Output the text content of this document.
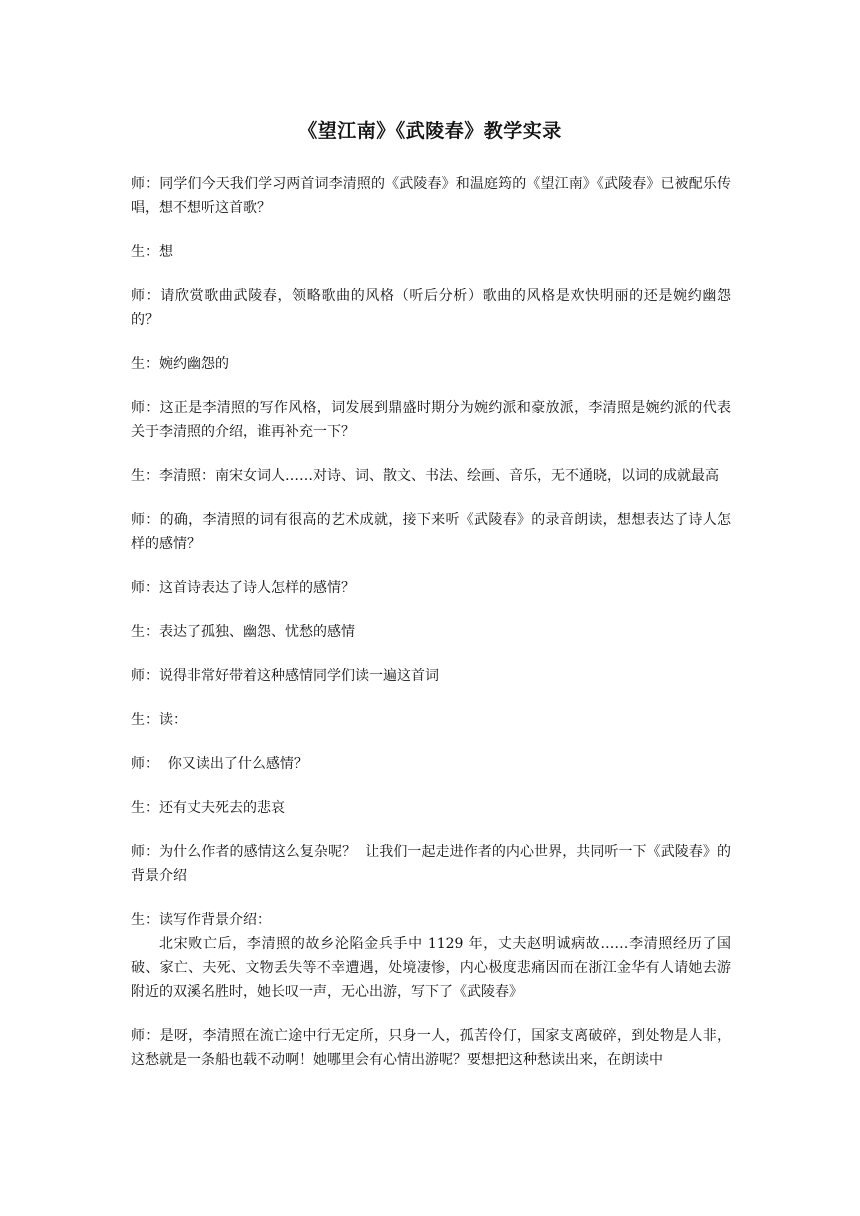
《望江南》《武陵春》教学实录

师：同学们今天我们学习两首词李清照的《武陵春》和温庭筠的《望江南》《武陵春》已被配乐传唱，想不想听这首歌？

生：想

师：请欣赏歌曲武陵春，领略歌曲的风格（听后分析）歌曲的风格是欢快明丽的还是婉约幽怨的？

生：婉约幽怨的

师：这正是李清照的写作风格，词发展到鼎盛时期分为婉约派和豪放派，李清照是婉约派的代表关于李清照的介绍，谁再补充一下？

生：李清照：南宋女词人……对诗、词、散文、书法、绘画、音乐，无不通晓，以词的成就最高

师：的确，李清照的词有很高的艺术成就，接下来听《武陵春》的录音朗读，想想表达了诗人怎样的感情？

师：这首诗表达了诗人怎样的感情？

生：表达了孤独、幽怨、忧愁的感情

师：说得非常好带着这种感情同学们读一遍这首词

生：读：

师：  你又读出了什么感情？

生：还有丈夫死去的悲哀

师：为什么作者的感情这么复杂呢？  让我们一起走进作者的内心世界，共同听一下《武陵春》的背景介绍

生：读写作背景介绍：

北宋败亡后，李清照的故乡沦陷金兵手中 1129 年，丈夫赵明诚病故……李清照经历了国破、家亡、夫死、文物丢失等不幸遭遇，处境凄惨，内心极度悲痛因而在浙江金华有人请她去游附近的双溪名胜时，她长叹一声，无心出游，写下了《武陵春》

师：是呀，李清照在流亡途中行无定所，只身一人，孤苦伶仃，国家支离破碎，到处物是人非，这愁就是一条船也载不动啊！她哪里会有心情出游呢？要想把这种愁读出来，在朗读中
